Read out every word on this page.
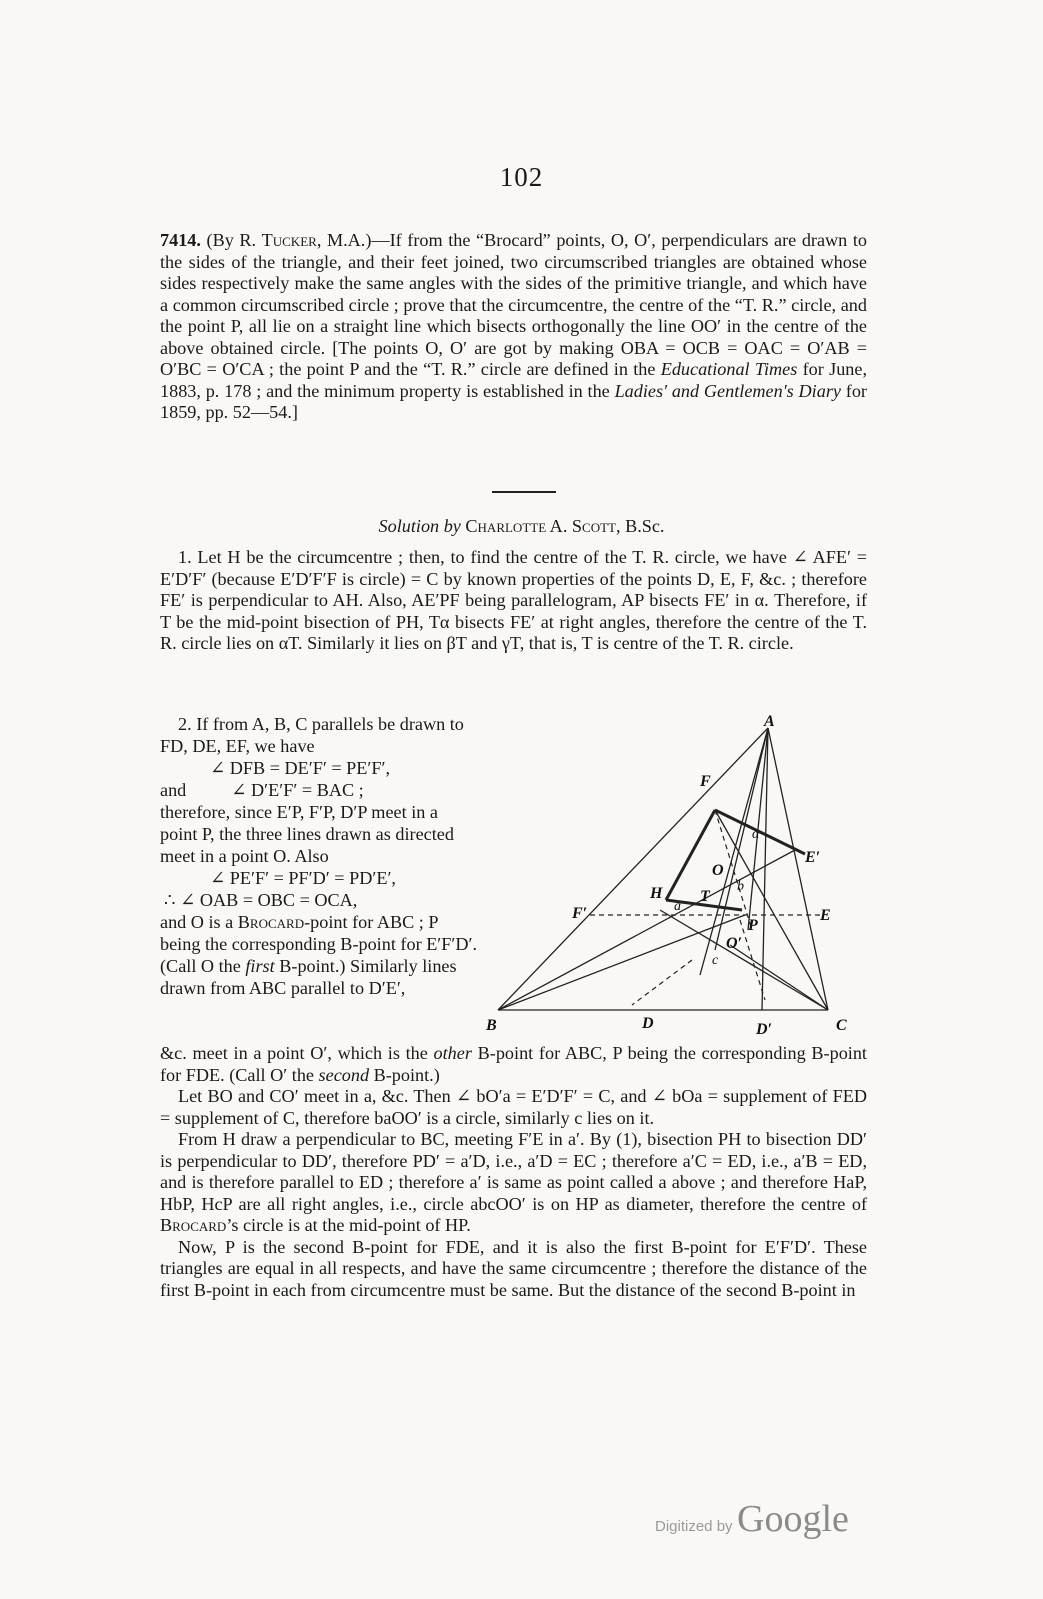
102

7414. (By R. Tucker, M.A.)—If from the “Brocard” points, O, O′, perpendiculars are drawn to the sides of the triangle, and their feet joined, two circumscribed triangles are obtained whose sides respectively make the same angles with the sides of the primitive triangle, and which have a common circumscribed circle ; prove that the circumcentre, the centre of the “T. R.” circle, and the point P, all lie on a straight line which bisects orthogonally the line OO′ in the centre of the above obtained circle. [The points O, O′ are got by making OBA = OCB = OAC = O′AB = O′BC = O′CA ; the point P and the “T. R.” circle are defined in the Educational Times for June, 1883, p. 178 ; and the minimum property is established in the Ladies′ and Gentlemen′s Diary for 1859, pp. 52—54.]

Solution by Charlotte A. Scott, B.Sc.

1. Let H be the circumcentre ; then, to find the centre of the T. R. circle, we have ∠ AFE′ = E′D′F′ (because E′D′F′F is circle) = C by known properties of the points D, E, F, &c. ; therefore FE′ is perpendicular to AH. Also, AE′PF being parallelogram, AP bisects FE′ in α. Therefore, if T be the mid-point bisection of PH, Tα bisects FE′ at right angles, therefore the centre of the T. R. circle lies on αT. Similarly it lies on βT and γT, that is, T is centre of the T. R. circle.

2. If from A, B, C parallels be drawn to FD, DE, EF, we have

∠ DFB = DE′F′ = PE′F′,

and ∠ D′E′F′ = BAC ;

therefore, since E′P, F′P, D′P meet in a point P, the three lines drawn as directed meet in a point O. Also

∠ PE′F′ = PF′D′ = PD′E′,

∴ ∠ OAB = OBC = OCA,

and O is a Brocard-point for ABC ; P being the corresponding B-point for E′F′D′. (Call O the first B-point.) Similarly lines drawn from ABC parallel to D′E′,

A
B	C
D	D′
E
E′
F
F′
H T
P
O
O′
α
a
b
c

&c. meet in a point O′, which is the other B-point for ABC, P being the corresponding B-point for FDE. (Call O′ the second B-point.)

Let BO and CO′ meet in a, &c. Then ∠ bO′a = E′D′F′ = C, and ∠ bOa = supplement of FED = supplement of C, therefore baOO′ is a circle, similarly c lies on it.

From H draw a perpendicular to BC, meeting F′E in a′. By (1), bisection PH to bisection DD′ is perpendicular to DD′, therefore PD′ = a′D, i.e., a′D = EC ; therefore a′C = ED, i.e., a′B = ED, and is therefore parallel to ED ; therefore a′ is same as point called a above ; and therefore HaP, HbP, HcP are all right angles, i.e., circle abcOO′ is on HP as diameter, therefore the centre of Brocard’s circle is at the mid-point of HP.

Now, P is the second B-point for FDE, and it is also the first B-point for E′F′D′. These triangles are equal in all respects, and have the same circumcentre ; therefore the distance of the first B-point in each from circumcentre must be same. But the distance of the second B-point in

Digitized by Google
